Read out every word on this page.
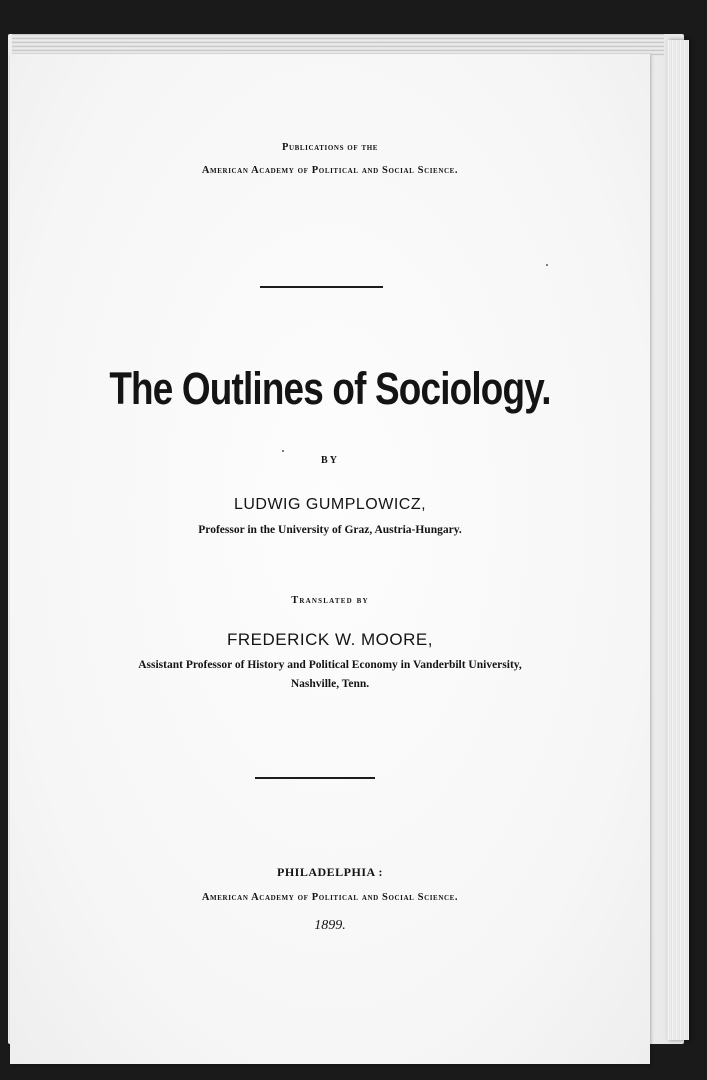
Publications of the
American Academy of Political and Social Science.
The Outlines of Sociology.
BY
LUDWIG GUMPLOWICZ,
Professor in the University of Graz, Austria-Hungary.
Translated by
FREDERICK W. MOORE,
Assistant Professor of History and Political Economy in Vanderbilt University,
Nashville, Tenn.
PHILADELPHIA :
American Academy of Political and Social Science.
1899.
